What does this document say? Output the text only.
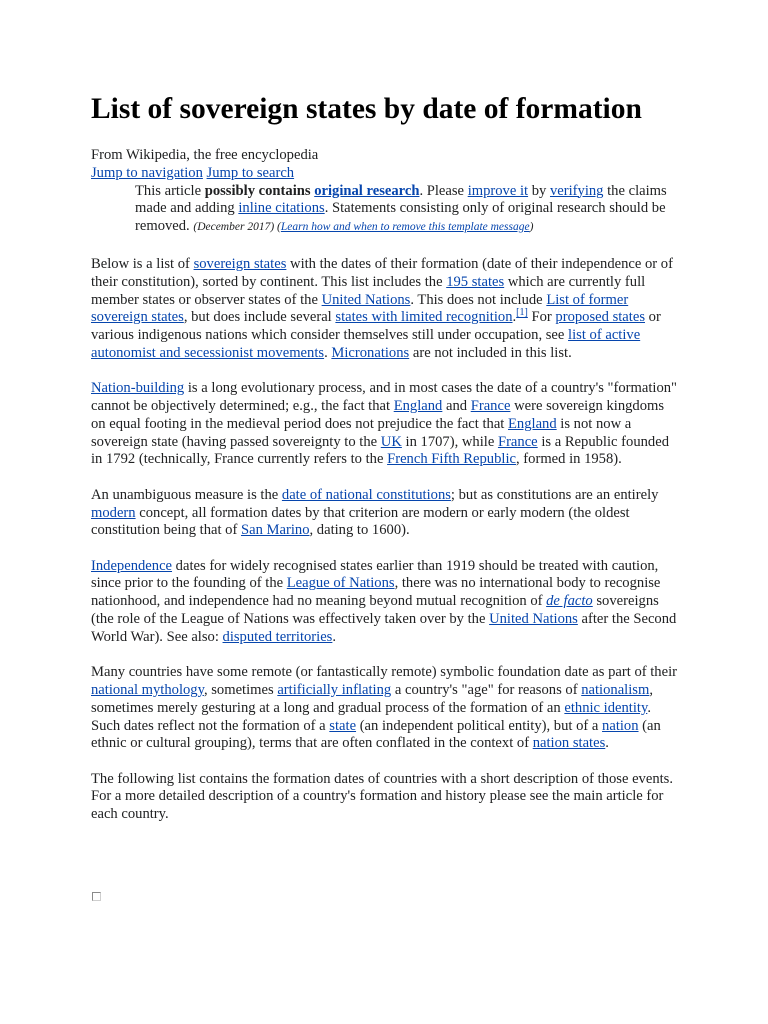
List of sovereign states by date of formation
From Wikipedia, the free encyclopedia
Jump to navigation Jump to search
This article possibly contains original research. Please improve it by verifying the claims made and adding inline citations. Statements consisting only of original research should be removed. (December 2017) (Learn how and when to remove this template message)

Below is a list of sovereign states with the dates of their formation (date of their independence or of their constitution), sorted by continent. This list includes the 195 states which are currently full member states or observer states of the United Nations. This does not include List of former sovereign states, but does include several states with limited recognition.[1] For proposed states or various indigenous nations which consider themselves still under occupation, see list of active autonomist and secessionist movements. Micronations are not included in this list.

Nation-building is a long evolutionary process, and in most cases the date of a country's "formation" cannot be objectively determined; e.g., the fact that England and France were sovereign kingdoms on equal footing in the medieval period does not prejudice the fact that England is not now a sovereign state (having passed sovereignty to the UK in 1707), while France is a Republic founded in 1792 (technically, France currently refers to the French Fifth Republic, formed in 1958).

An unambiguous measure is the date of national constitutions; but as constitutions are an entirely modern concept, all formation dates by that criterion are modern or early modern (the oldest constitution being that of San Marino, dating to 1600).

Independence dates for widely recognised states earlier than 1919 should be treated with caution, since prior to the founding of the League of Nations, there was no international body to recognise nationhood, and independence had no meaning beyond mutual recognition of de facto sovereigns (the role of the League of Nations was effectively taken over by the United Nations after the Second World War). See also: disputed territories.

Many countries have some remote (or fantastically remote) symbolic foundation date as part of their national mythology, sometimes artificially inflating a country's "age" for reasons of nationalism, sometimes merely gesturing at a long and gradual process of the formation of an ethnic identity. Such dates reflect not the formation of a state (an independent political entity), but of a nation (an ethnic or cultural grouping), terms that are often conflated in the context of nation states.

The following list contains the formation dates of countries with a short description of those events. For a more detailed description of a country's formation and history please see the main article for each country.
